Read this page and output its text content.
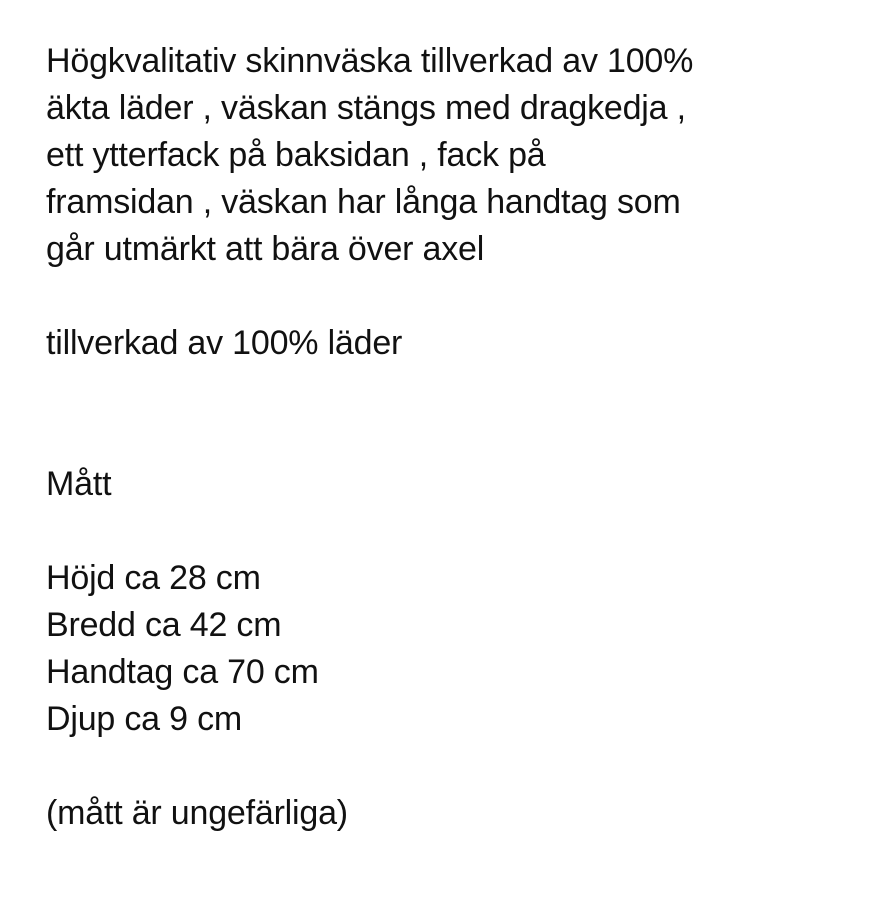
Högkvalitativ skinnväska tillverkad av 100%
äkta läder , väskan stängs med dragkedja ,
ett ytterfack på baksidan , fack på
framsidan , väskan har långa handtag som
går utmärkt att bära över axel
tillverkad av 100% läder
Mått
Höjd ca 28 cm
Bredd ca 42 cm
Handtag ca 70 cm
Djup ca 9 cm
(mått är ungefärliga)
